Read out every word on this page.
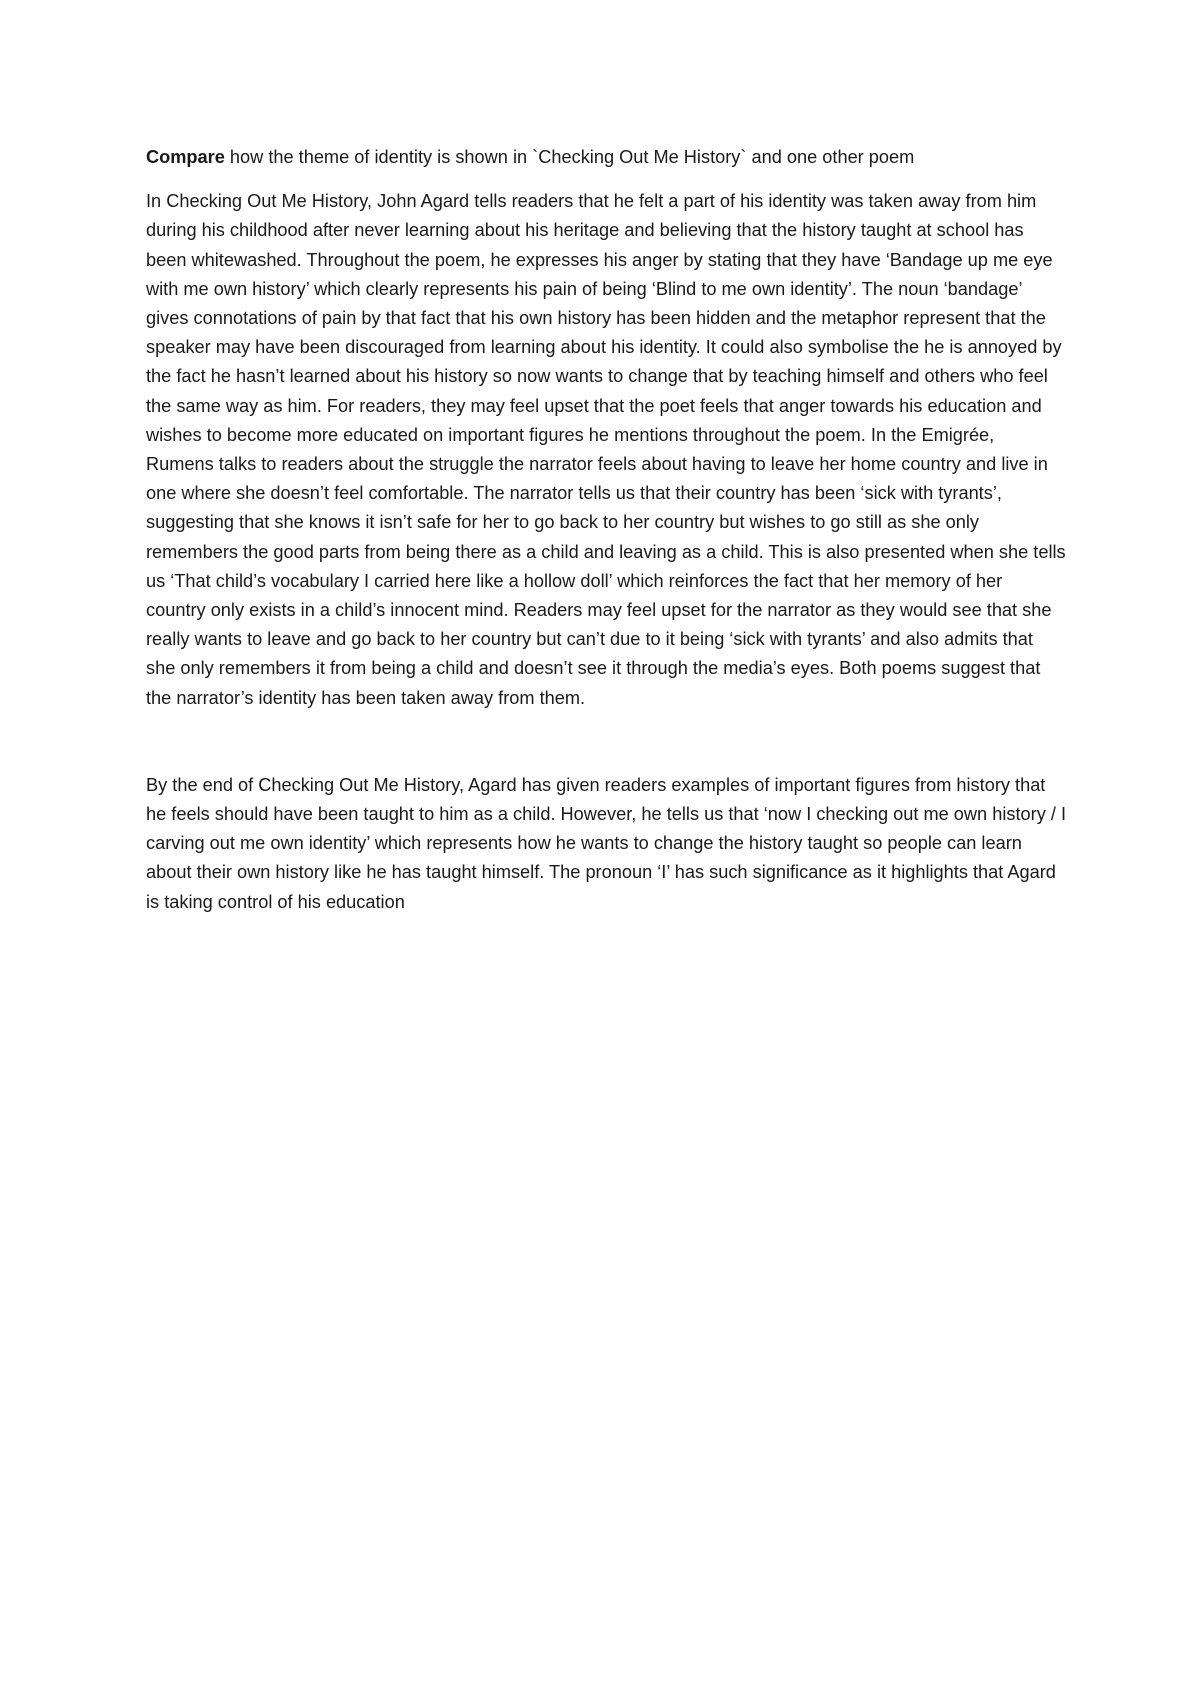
Compare how the theme of identity is shown in `Checking Out Me History` and one other poem

In Checking Out Me History, John Agard tells readers that he felt a part of his identity was taken away from him during his childhood after never learning about his heritage and believing that the history taught at school has been whitewashed. Throughout the poem, he expresses his anger by stating that they have ‘Bandage up me eye with me own history’ which clearly represents his pain of being ‘Blind to me own identity’. The noun ‘bandage’ gives connotations of pain by that fact that his own history has been hidden and the metaphor represent that the speaker may have been discouraged from learning about his identity. It could also symbolise the he is annoyed by the fact he hasn’t learned about his history so now wants to change that by teaching himself and others who feel the same way as him. For readers, they may feel upset that the poet feels that anger towards his education and wishes to become more educated on important figures he mentions throughout the poem. In the Emigrée, Rumens talks to readers about the struggle the narrator feels about having to leave her home country and live in one where she doesn’t feel comfortable. The narrator tells us that their country has been ‘sick with tyrants’, suggesting that she knows it isn’t safe for her to go back to her country but wishes to go still as she only remembers the good parts from being there as a child and leaving as a child. This is also presented when she tells us ‘That child’s vocabulary I carried here like a hollow doll’ which reinforces the fact that her memory of her country only exists in a child’s innocent mind. Readers may feel upset for the narrator as they would see that she really wants to leave and go back to her country but can’t due to it being ‘sick with tyrants’ and also admits that she only remembers it from being a child and doesn’t see it through the media’s eyes. Both poems suggest that the narrator’s identity has been taken away from them.

By the end of Checking Out Me History, Agard has given readers examples of important figures from history that he feels should have been taught to him as a child. However, he tells us that ‘now I checking out me own history / I carving out me own identity’ which represents how he wants to change the history taught so people can learn about their own history like he has taught himself. The pronoun ‘I’ has such significance as it highlights that Agard is taking control of his education
